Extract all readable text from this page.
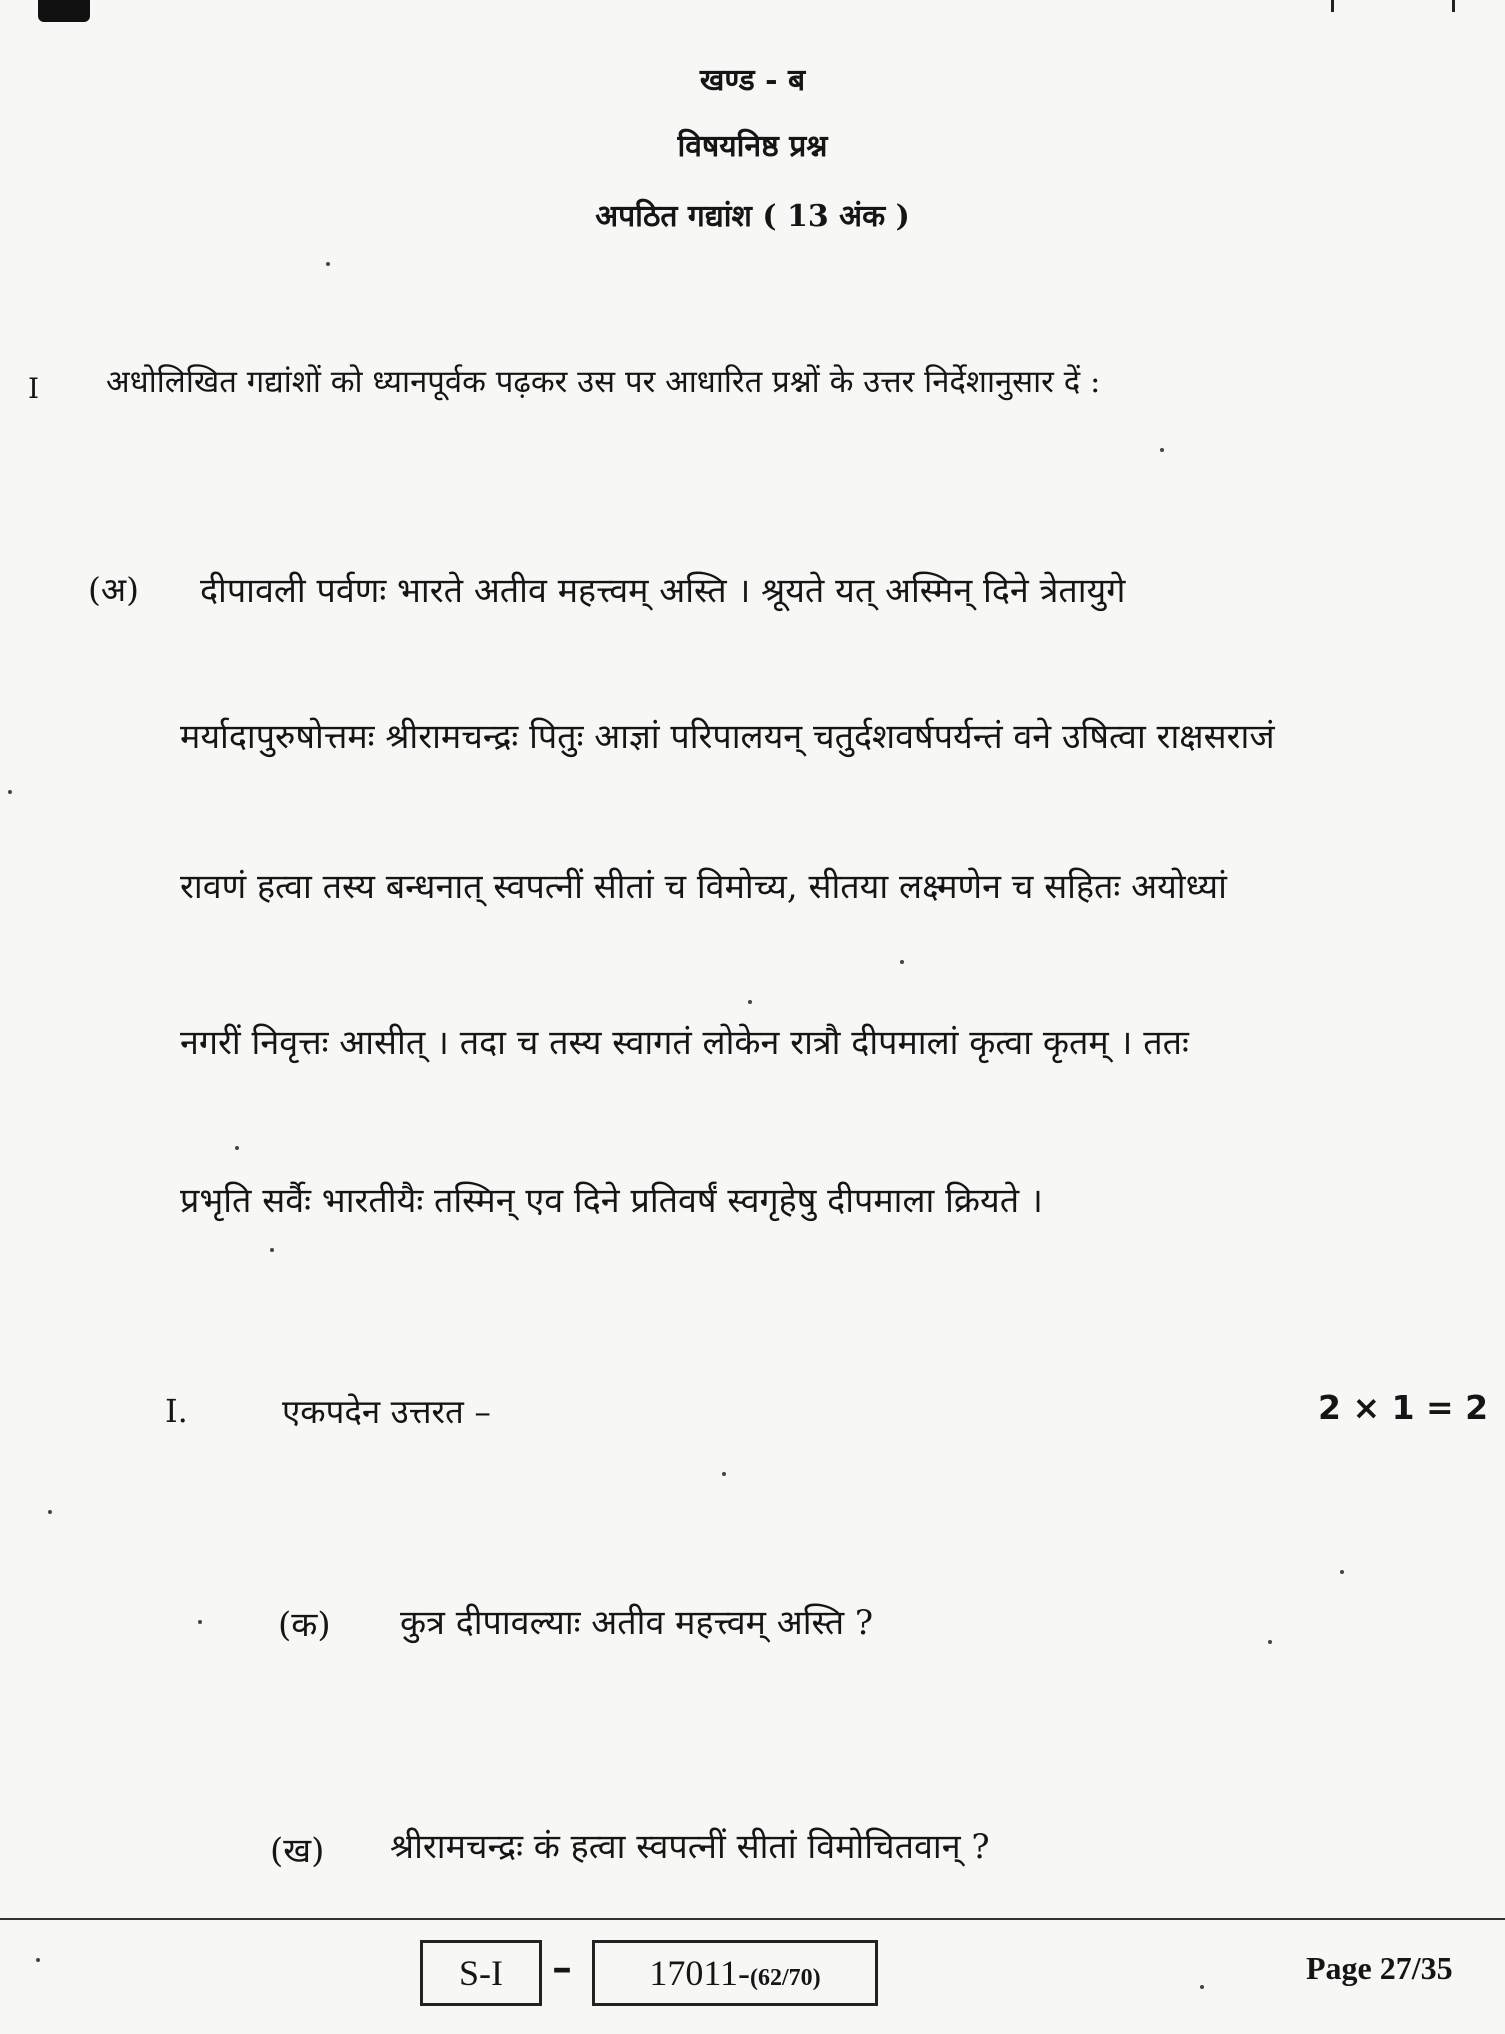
खण्ड - ब
विषयनिष्ठ प्रश्न
अपठित गद्यांश ( 13 अंक )
I अधोलिखित गद्यांशों को ध्यानपूर्वक पढ़कर उस पर आधारित प्रश्नों के उत्तर निर्देशानुसार दें :
(अ) दीपावली पर्वणः भारते अतीव महत्त्वम् अस्ति । श्रूयते यत् अस्मिन् दिने त्रेतायुगे
मर्यादापुरुषोत्तमः श्रीरामचन्द्रः पितुः आज्ञां परिपालयन् चतुर्दशवर्षपर्यन्तं वने उषित्वा राक्षसराजं
रावणं हत्वा तस्य बन्धनात् स्वपत्नीं सीतां च विमोच्य, सीतया लक्ष्मणेन च सहितः अयोध्यां
नगरीं निवृत्तः आसीत् । तदा च तस्य स्वागतं लोकेन रात्रौ दीपमालां कृत्वा कृतम् । ततः
प्रभृति सर्वैः भारतीयैः तस्मिन् एव दिने प्रतिवर्षं स्वगृहेषु दीपमाला क्रियते ।
I.	एकपदेन उत्तरत –	2 × 1 = 2
(क) कुत्र दीपावल्याः अतीव महत्त्वम् अस्ति ?
(ख) श्रीरामचन्द्रः कं हत्वा स्वपत्नीं सीतां विमोचितवान् ?
S-I	–	17011-(62/70)	Page 27/35
